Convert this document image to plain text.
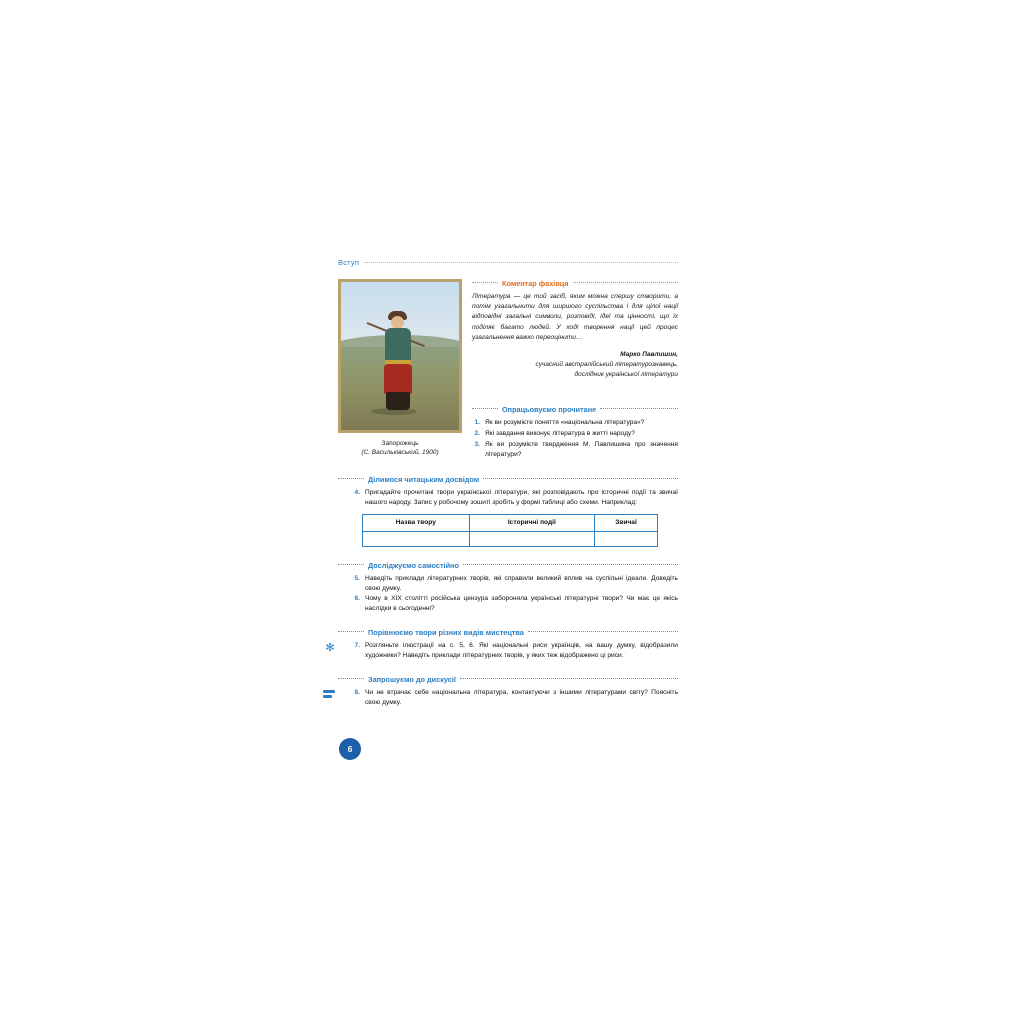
Вступ
Запорожець
(С. Васильківський, 1900)
Коментар фахівця
Література — це той засіб, яким можна спершу створити, а потім узагальнити для ширшого суспільства і для цілої нації відповідні загальні символи, розповіді, ідеї та цінності, що їх поділяє багато людей. У ході творення нації цей процес узагальнення важко переоцінити…
Марко Павлишин,
сучасний австралійський літературознавець,
дослідник української літератури
Опрацьовуємо прочитане
1. Як ви розумієте поняття «національна література»?
2. Які завдання виконує література в житті народу?
3. Як ви розумієте твердження М. Павлишина про значення літератури?
Ділимося читацьким досвідом
4. Пригадайте прочитані твори української літератури, які розповідають про історичні події та звичаї нашого народу. Запис у робочому зошиті зробіть у формі таблиці або схеми. Наприклад:
Назва твору	Історичні події	Звичаї

Досліджуємо самостійно
5. Наведіть приклади літературних творів, які справили великий вплив на суспільні ідеали. Доведіть свою думку.
6. Чому в ХІХ столітті російська цензура забороняла українські літературні твори? Чи має це якісь наслідки в сьогоденні?
✻
Порівнюємо твори різних видів мистецтва
7. Розгляньте ілюстрації на с. 5, 6. Які національні риси українців, на вашу думку, відобразили художники? Наведіть приклади літературних творів, у яких теж відображено ці риси.
Запрошуємо до дискусії
8. Чи не втрачає себе національна література, контактуючи з іншими літературами світу? Поясніть свою думку.
6
